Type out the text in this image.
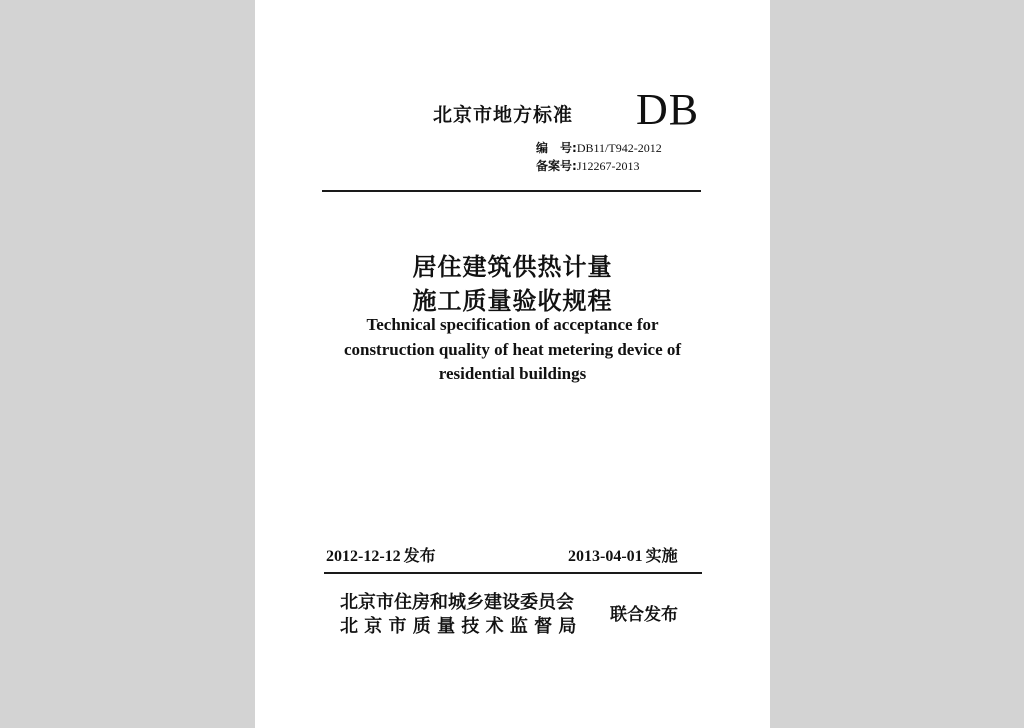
北京市地方标准 DB
编　号:DB11/T942-2012
备案号:J12267-2013
居住建筑供热计量
施工质量验收规程
Technical specification of acceptance for
construction quality of heat metering device of
residential buildings
2012-12-12 发布	2013-04-01 实施
北京市住房和城乡建设委员会
北 京 市 质 量 技 术 监 督 局
联合发布
